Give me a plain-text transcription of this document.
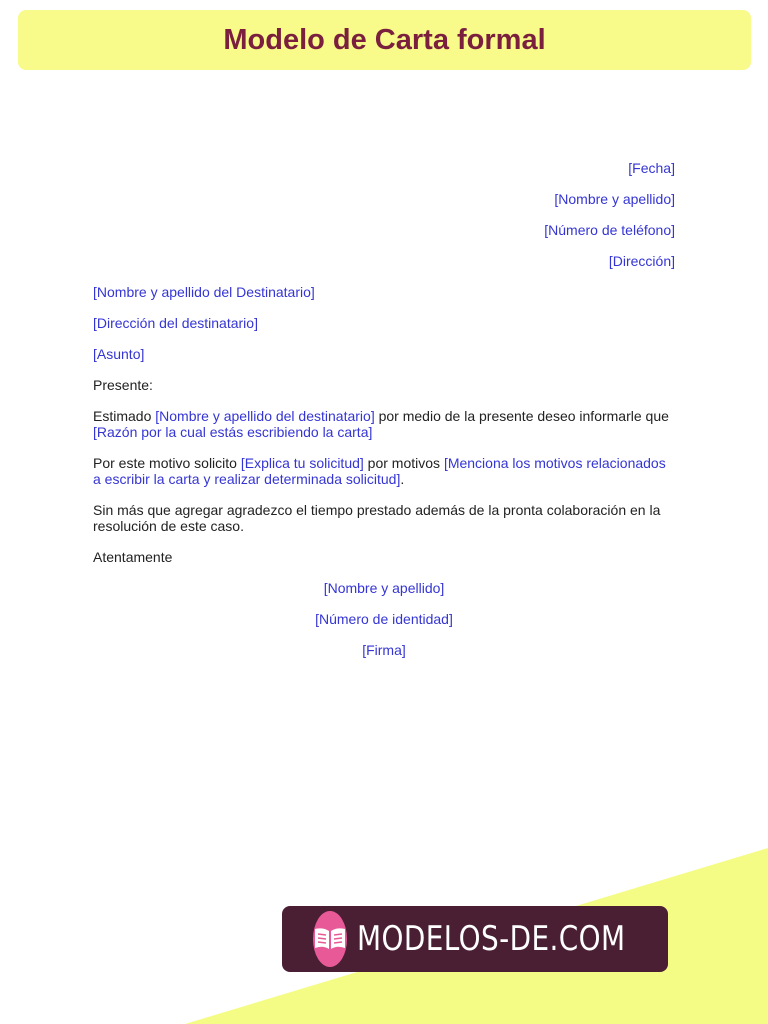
Modelo de Carta formal
[Fecha]
[Nombre y apellido]
[Número de teléfono]
[Dirección]
[Nombre y apellido del Destinatario]
[Dirección del destinatario]
[Asunto]
Presente:

Estimado [Nombre y apellido del destinatario] por medio de la presente deseo informarle que [Razón por la cual estás escribiendo la carta]

Por este motivo solicito [Explica tu solicitud] por motivos [Menciona los motivos relacionados a escribir la carta y realizar determinada solicitud].

Sin más que agregar agradezco el tiempo prestado además de la pronta colaboración en la resolución de este caso.

Atentamente
[Nombre y apellido]
[Número de identidad]
[Firma]
MODELOS-DE.COM
